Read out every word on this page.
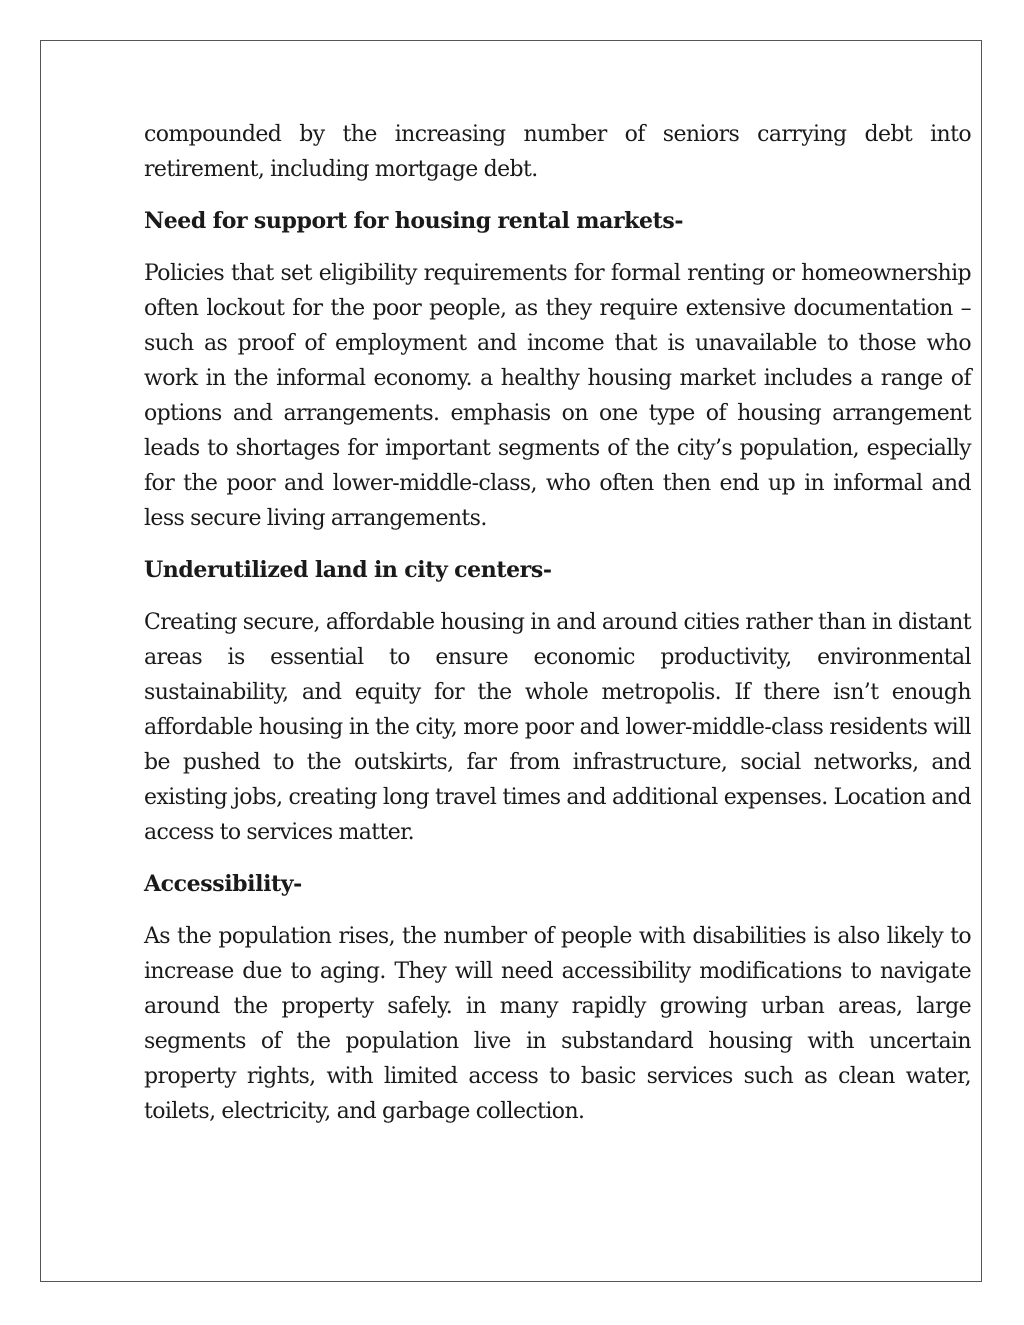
compounded by the increasing number of seniors carrying debt into retirement, including mortgage debt.

Need for support for housing rental markets-

Policies that set eligibility requirements for formal renting or homeownership often lockout for the poor people, as they require extensive documentation – such as proof of employment and income that is unavailable to those who work in the informal economy. a healthy housing market includes a range of options and arrangements. emphasis on one type of housing arrangement leads to shortages for important segments of the city’s population, especially for the poor and lower-middle-class, who often then end up in informal and less secure living arrangements.

Underutilized land in city centers-

Creating secure, affordable housing in and around cities rather than in distant areas is essential to ensure economic productivity, environmental sustainability, and equity for the whole metropolis. If there isn’t enough affordable housing in the city, more poor and lower-middle-class residents will be pushed to the outskirts, far from infrastructure, social networks, and existing jobs, creating long travel times and additional expenses. Location and access to services matter.

Accessibility-

As the population rises, the number of people with disabilities is also likely to increase due to aging. They will need accessibility modifications to navigate around the property safely. in many rapidly growing urban areas, large segments of the population live in substandard housing with uncertain property rights, with limited access to basic services such as clean water, toilets, electricity, and garbage collection.
